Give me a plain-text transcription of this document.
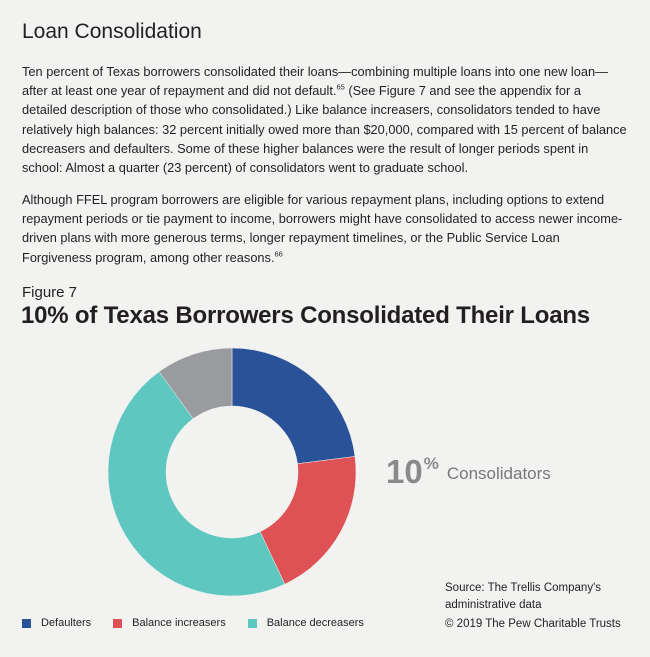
Loan Consolidation

Ten percent of Texas borrowers consolidated their loans—combining multiple loans into one new loan—after at least one year of repayment and did not default.$^{65}$ (See Figure 7 and see the appendix for a detailed description of those who consolidated.) Like balance increasers, consolidators tended to have relatively high balances: 32 percent initially owed more than $20,000, compared with 15 percent of balance decreasers and defaulters. Some of these higher balances were the result of longer periods spent in school: Almost a quarter (23 percent) of consolidators went to graduate school.

Although FFEL program borrowers are eligible for various repayment plans, including options to extend repayment periods or tie payment to income, borrowers might have consolidated to access newer income-driven plans with more generous terms, longer repayment timelines, or the Public Service Loan Forgiveness program, among other reasons.$^{66}$

Figure 7
10% of Texas Borrowers Consolidated Their Loans
10 %
Consolidators
Defaulters	Balance increasers	Balance decreasers
Source: The Trellis Company's
administrative data
© 2019 The Pew Charitable Trusts
